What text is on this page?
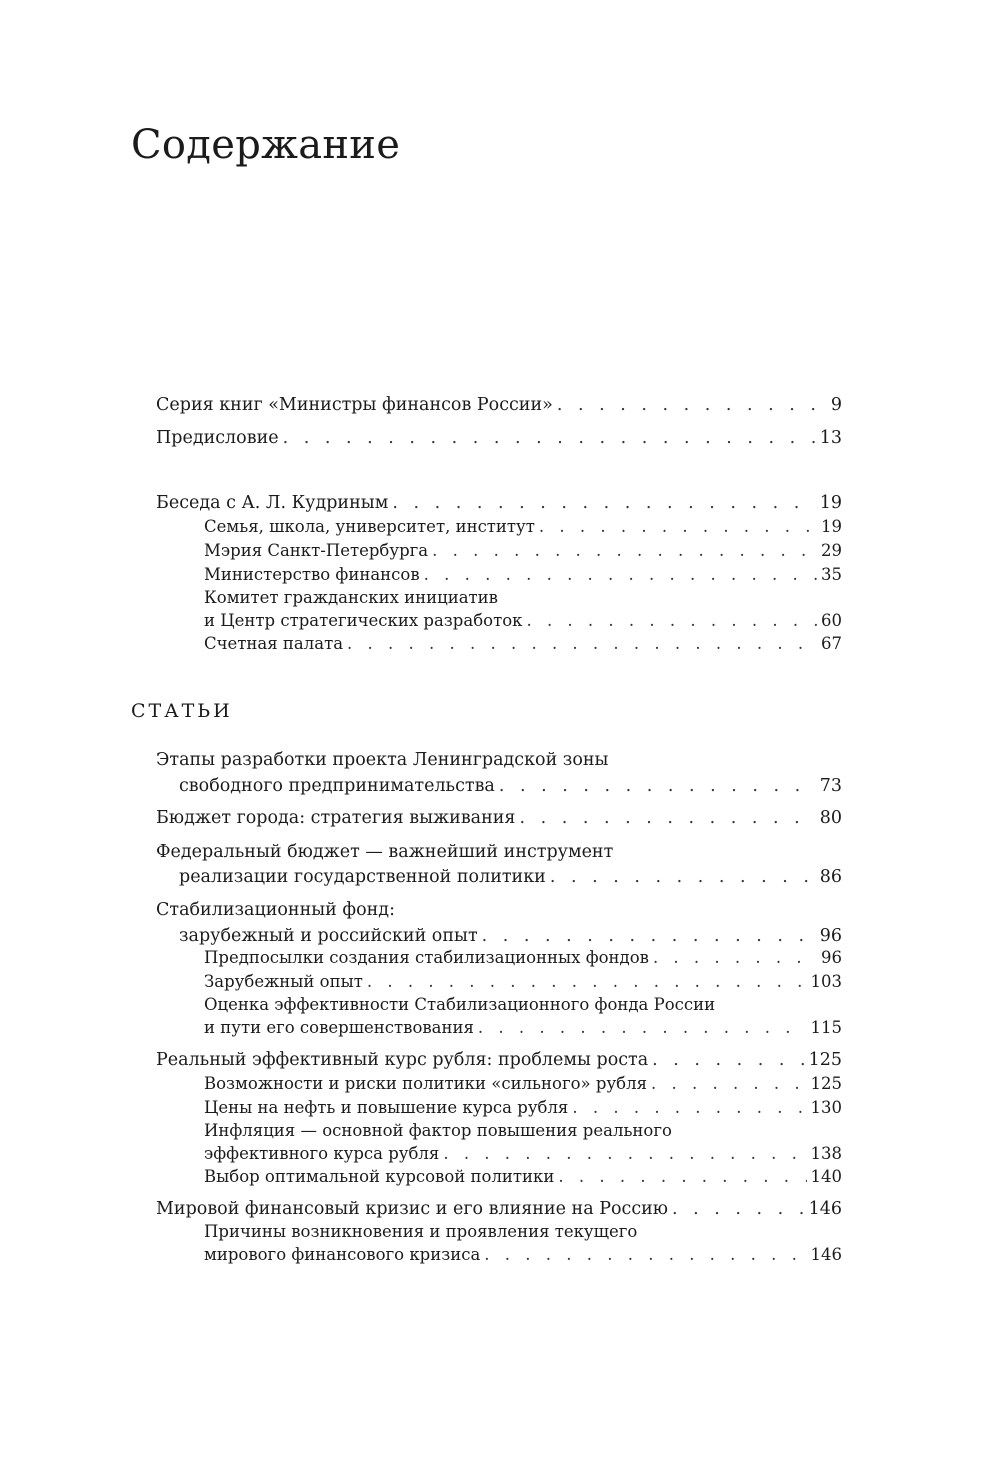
Содержание
Серия книг «Министры финансов России» . . .	9
Предисловие . . .	13
Беседа с А. Л. Кудриным . . .	19
Семья, школа, университет, институт . . .	19
Мэрия Санкт-Петербурга . . .	29
Министерство финансов . . .	35
Комитет гражданских инициатив
и Центр стратегических разработок . . .	60
Счетная палата . . .	67
СТАТЬИ
Этапы разработки проекта Ленинградской зоны
свободного предпринимательства . . .	73
Бюджет города: стратегия выживания . . .	80
Федеральный бюджет — важнейший инструмент
реализации государственной политики . . .	86
Стабилизационный фонд:
зарубежный и российский опыт . . .	96
Предпосылки создания стабилизационных фондов . . .	96
Зарубежный опыт . . .	103
Оценка эффективности Стабилизационного фонда России
и пути его совершенствования . . .	115
Реальный эффективный курс рубля: проблемы роста . . .	125
Возможности и риски политики «сильного» рубля . . .	125
Цены на нефть и повышение курса рубля . . .	130
Инфляция — основной фактор повышения реального
эффективного курса рубля . . .	138
Выбор оптимальной курсовой политики . . .	140
Мировой финансовый кризис и его влияние на Россию . . .	146
Причины возникновения и проявления текущего
мирового финансового кризиса . . .	146
